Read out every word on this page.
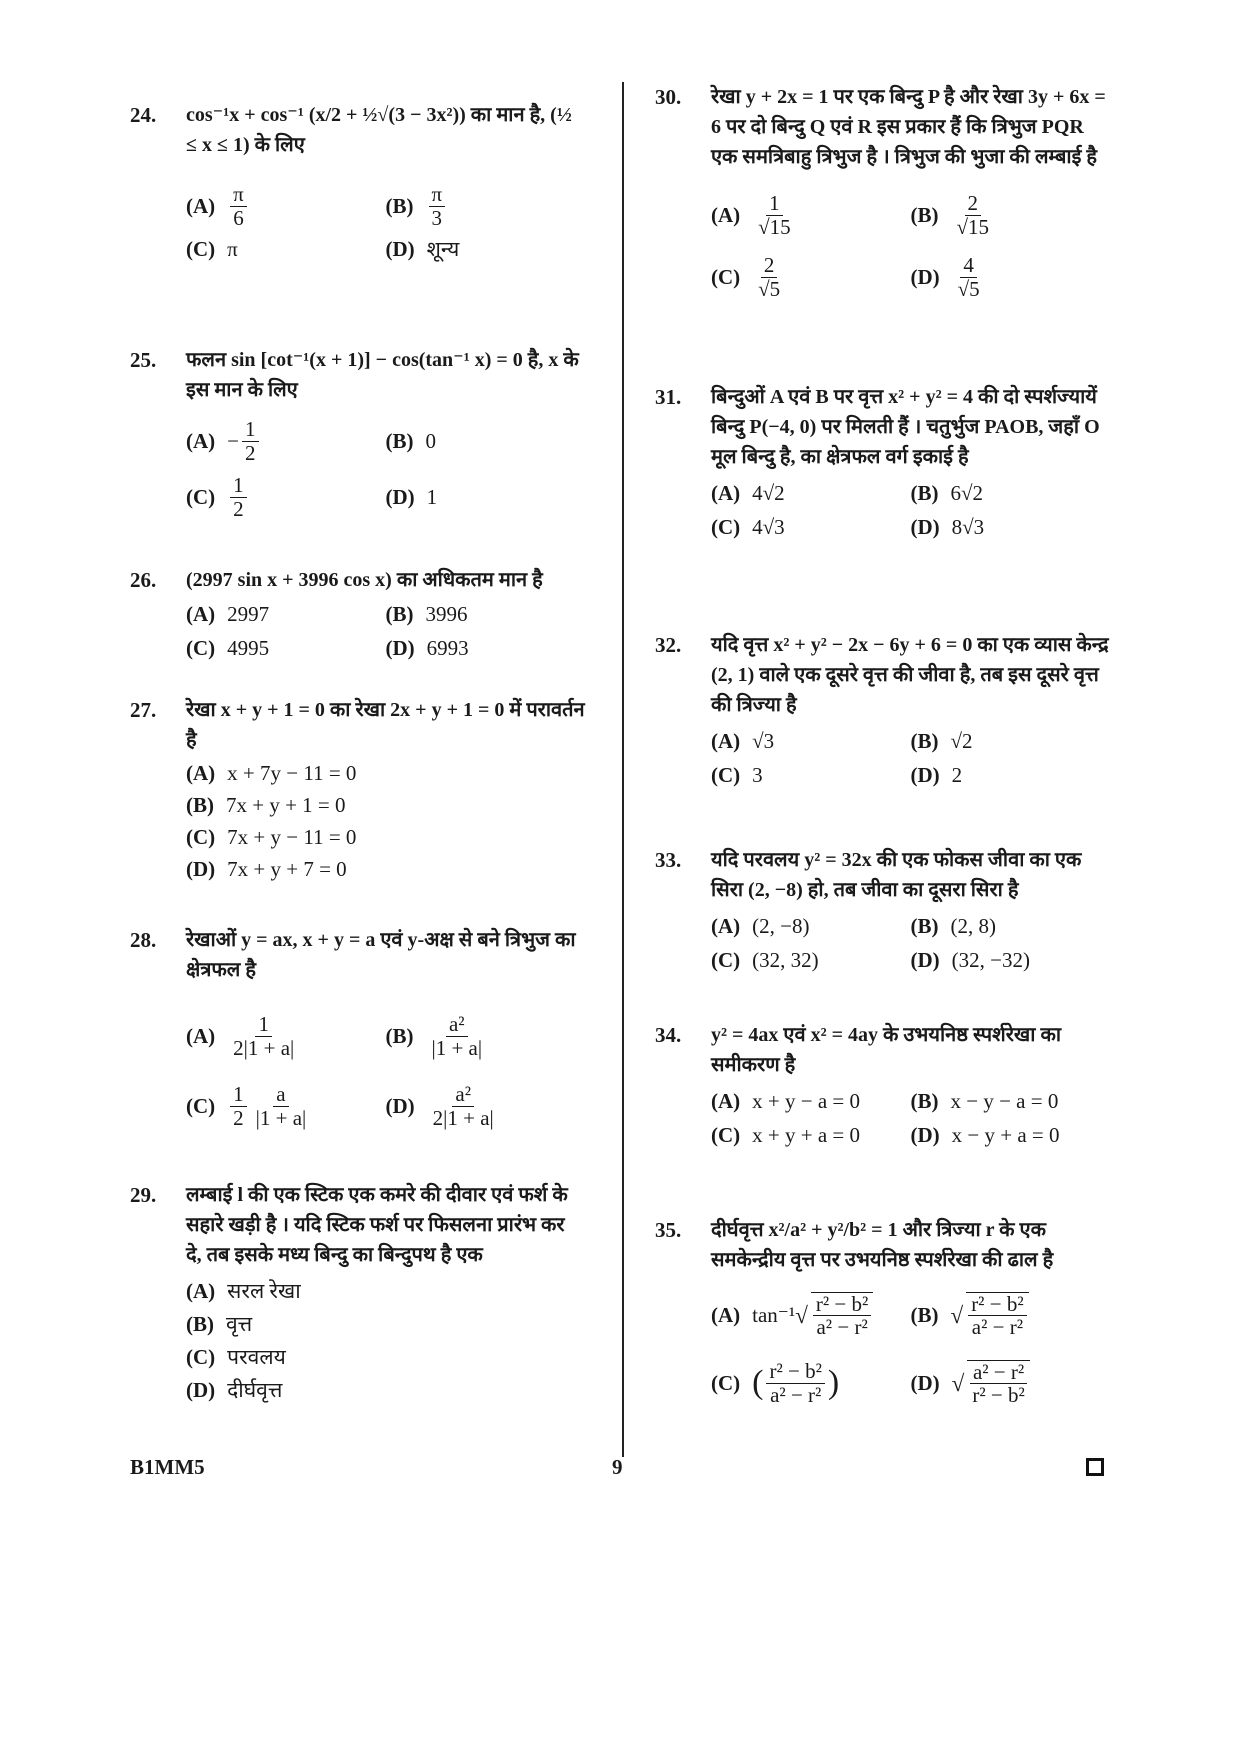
24. cos⁻¹x + cos⁻¹ (x/2 + ½√(3 − 3x²)) का मान है, (½ ≤ x ≤ 1) के लिए
$(A) \frac{\pi}{6}$	$(B) \frac{\pi}{3}$
(C) π	(D) शून्य
25. फलन sin [cot⁻¹(x + 1)] − cos(tan⁻¹ x) = 0 है, x के इस मान के लिए
$(A) - \frac{1}{2}$	(B) 0
$(C) \frac{1}{2}$	(D) 1
26. (2997 sin x + 3996 cos x) का अधिकतम मान है
(A) 2997	(B) 3996
(C) 4995	(D) 6993
27. रेखा x + y + 1 = 0 का रेखा 2x + y + 1 = 0 में परावर्तन है
(A) x + 7y − 11 = 0
(B) 7x + y + 1 = 0
(C) 7x + y − 11 = 0
(D) 7x + y + 7 = 0
28. रेखाओं y = ax, x + y = a एवं y-अक्ष से बने त्रिभुज का क्षेत्रफल है
$(A) \frac{1}{2|1 + a|}$	$(B) \frac{\text{a²}}{|1 + a|}$
$(C) \frac{1}{2} \frac{a}{|1 + a|}$	$(D) \frac{\text{a²}}{2|1 + a|}$
29. लम्बाई l की एक स्टिक एक कमरे की दीवार एवं फर्श के सहारे खड़ी है । यदि स्टिक फर्श पर फिसलना प्रारंभ कर दे, तब इसके मध्य बिन्दु का बिन्दुपथ है एक
(A) सरल रेखा
(B) वृत्त
(C) परवलय
(D) दीर्घवृत्त
30. रेखा y + 2x = 1 पर एक बिन्दु P है और रेखा 3y + 6x = 6 पर दो बिन्दु Q एवं R इस प्रकार हैं कि त्रिभुज PQR एक समत्रिबाहु त्रिभुज है । त्रिभुज की भुजा की लम्बाई है
$(A) \frac{1}{√15}$	$(B) \frac{2}{√15}$
$(C) \frac{2}{√5}$	$(D) \frac{4}{√5}$
31. बिन्दुओं A एवं B पर वृत्त x² + y² = 4 की दो स्पर्शज्यायें बिन्दु P(−4, 0) पर मिलती हैं । चतुर्भुज PAOB, जहाँ O मूल बिन्दु है, का क्षेत्रफल वर्ग इकाई है
(A) 4√2	(B) 6√2
(C) 4√3	(D) 8√3
32. यदि वृत्त x² + y² − 2x − 6y + 6 = 0 का एक व्यास केन्द्र (2, 1) वाले एक दूसरे वृत्त की जीवा है, तब इस दूसरे वृत्त की त्रिज्या है
(A) √3	(B) √2
(C) 3	(D) 2
33. यदि परवलय y² = 32x की एक फोकस जीवा का एक सिरा (2, −8) हो, तब जीवा का दूसरा सिरा है
(A) (2, −8)	(B) (2, 8)
(C) (32, 32)	(D) (32, −32)
34. y² = 4ax एवं x² = 4ay के उभयनिष्ठ स्पर्शरेखा का समीकरण है
(A) x + y − a = 0 (B) x − y − a = 0
(C) x + y + a = 0 (D) x − y + a = 0
35. दीर्घवृत्त x²/a² + y²/b² = 1 और त्रिज्या r के एक समकेन्द्रीय वृत्त पर उभयनिष्ठ स्पर्शरेखा की ढाल है
(A) tan⁻¹ √ $\frac{\text{r² − b²}}{\text{a² − r²}} (B)$ √ $\frac{\text{r² − b²}}{\text{a² − r²}}$
(C) ( $\frac{\text{r² − b²}}{\text{a² − r²}}$ )	(D) √ $\frac{\text{a² − r²}}{\text{r² − b²}}$
B1MM5	9
